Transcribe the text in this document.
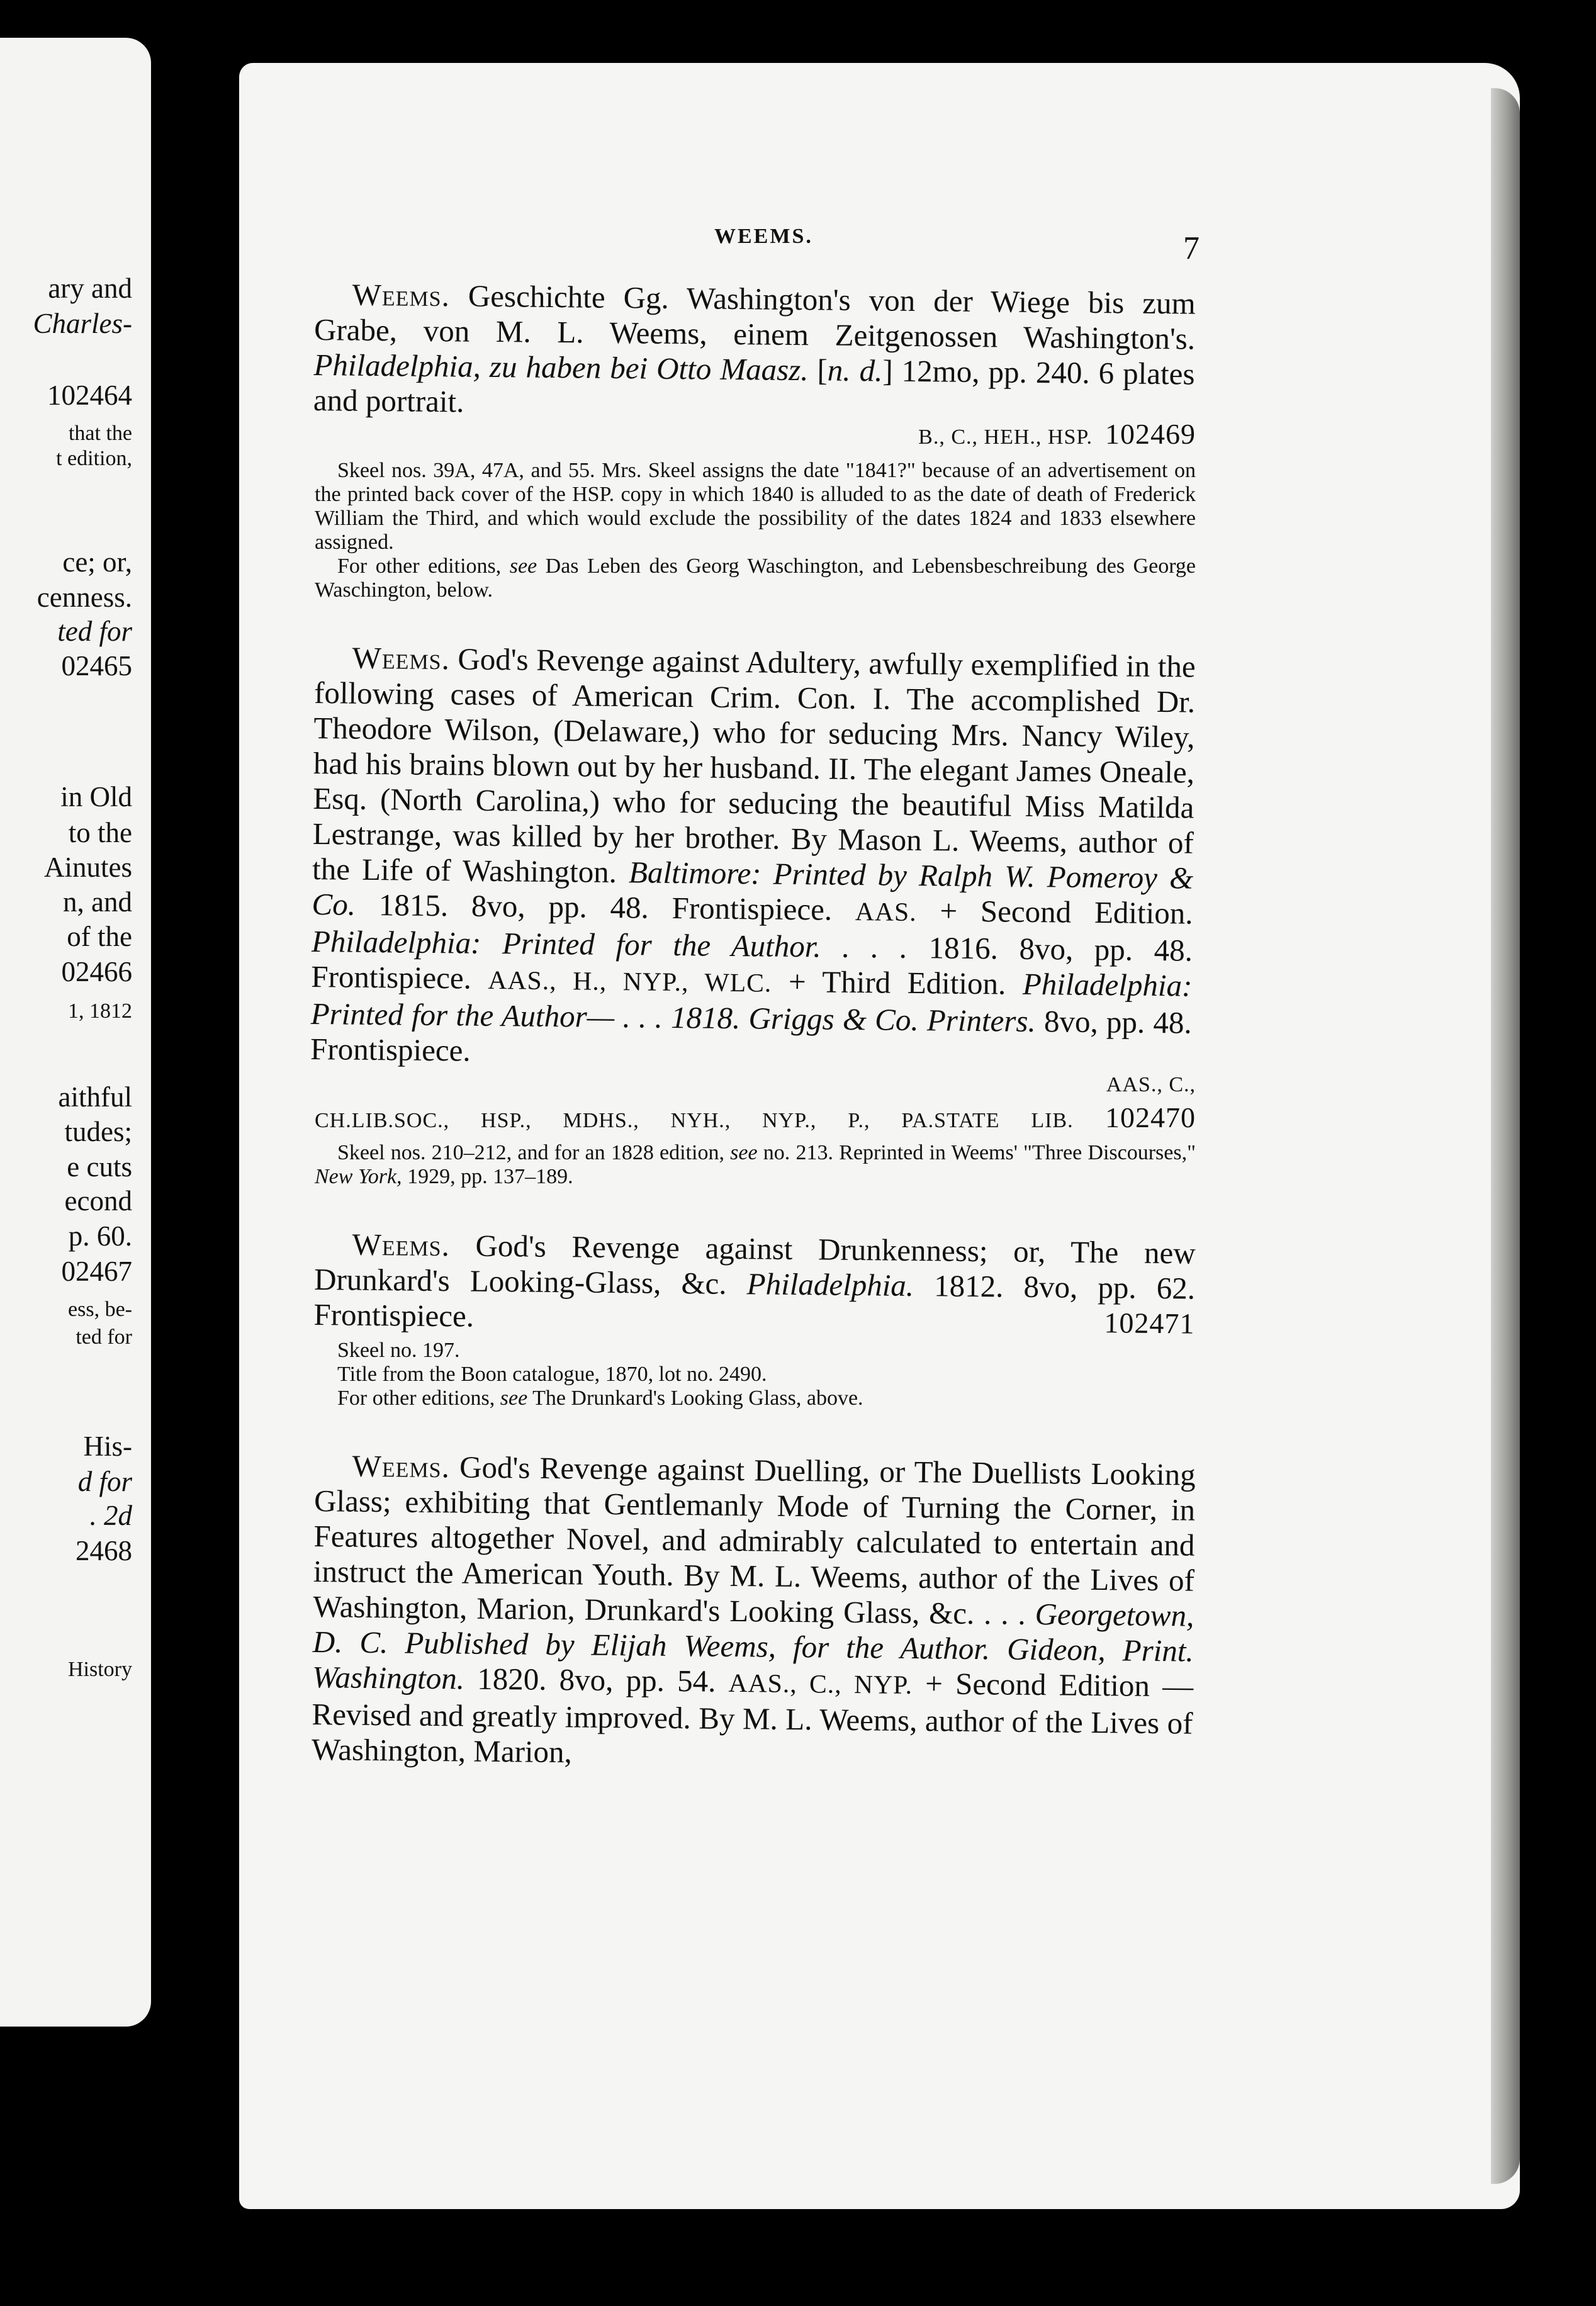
ary and
Charles-
102464
that the
t edition,
ce; or,
cenness.
ted for
02465
in Old
to the
Ainutes
n, and
of the
02466
1, 1812
aithful
tudes;
e cuts
econd
p. 60.
02467
ess, be-
ted for
His-
d for
. 2d
2468
History
WEEMS.	7
Weems. Geschichte Gg. Washington's von der Wiege bis zum Grabe, von M. L. Weems, einem Zeitgenossen Washington's. Philadelphia, zu haben bei Otto Maasz. [n. d.] 12mo, pp. 240. 6 plates and portrait.
B., C., HEH., HSP. 102469
Skeel nos. 39A, 47A, and 55. Mrs. Skeel assigns the date "1841?" because of an advertisement on the printed back cover of the HSP. copy in which 1840 is alluded to as the date of death of Frederick William the Third, and which would exclude the possibility of the dates 1824 and 1833 elsewhere assigned.
For other editions, see Das Leben des Georg Waschington, and Lebensbeschreibung des George Waschington, below.
Weems. God's Revenge against Adultery, awfully exemplified in the following cases of American Crim. Con. I. The accomplished Dr. Theodore Wilson, (Delaware,) who for seducing Mrs. Nancy Wiley, had his brains blown out by her husband. II. The elegant James Oneale, Esq. (North Carolina,) who for seducing the beautiful Miss Matilda Lestrange, was killed by her brother. By Mason L. Weems, author of the Life of Washington. Baltimore: Printed by Ralph W. Pomeroy & Co. 1815. 8vo, pp. 48. Frontispiece. AAS. + Second Edition. Philadelphia: Printed for the Author. . . . 1816. 8vo, pp. 48. Frontispiece. AAS., H., NYP., WLC. + Third Edition. Philadelphia: Printed for the Author— . . . 1818. Griggs & Co. Printers. 8vo, pp. 48. Frontispiece.
AAS., C.,
CH.LIB.SOC., HSP., MDHS., NYH., NYP., P., PA.STATE LIB. 102470
Skeel nos. 210–212, and for an 1828 edition, see no. 213. Reprinted in Weems' "Three Discourses," New York, 1929, pp. 137–189.
Weems. God's Revenge against Drunkenness; or, The new Drunkard's Looking-Glass, &c. Philadelphia. 1812. 8vo, pp. 62. Frontispiece.	102471
Skeel no. 197.
Title from the Boon catalogue, 1870, lot no. 2490.
For other editions, see The Drunkard's Looking Glass, above.
Weems. God's Revenge against Duelling, or The Duellists Looking Glass; exhibiting that Gentlemanly Mode of Turning the Corner, in Features altogether Novel, and admirably calculated to entertain and instruct the American Youth. By M. L. Weems, author of the Lives of Washington, Marion, Drunkard's Looking Glass, &c. . . . Georgetown, D. C. Published by Elijah Weems, for the Author. Gideon, Print. Washington. 1820. 8vo, pp. 54. AAS., C., NYP. + Second Edition — Revised and greatly improved. By M. L. Weems, author of the Lives of Washington, Marion,
